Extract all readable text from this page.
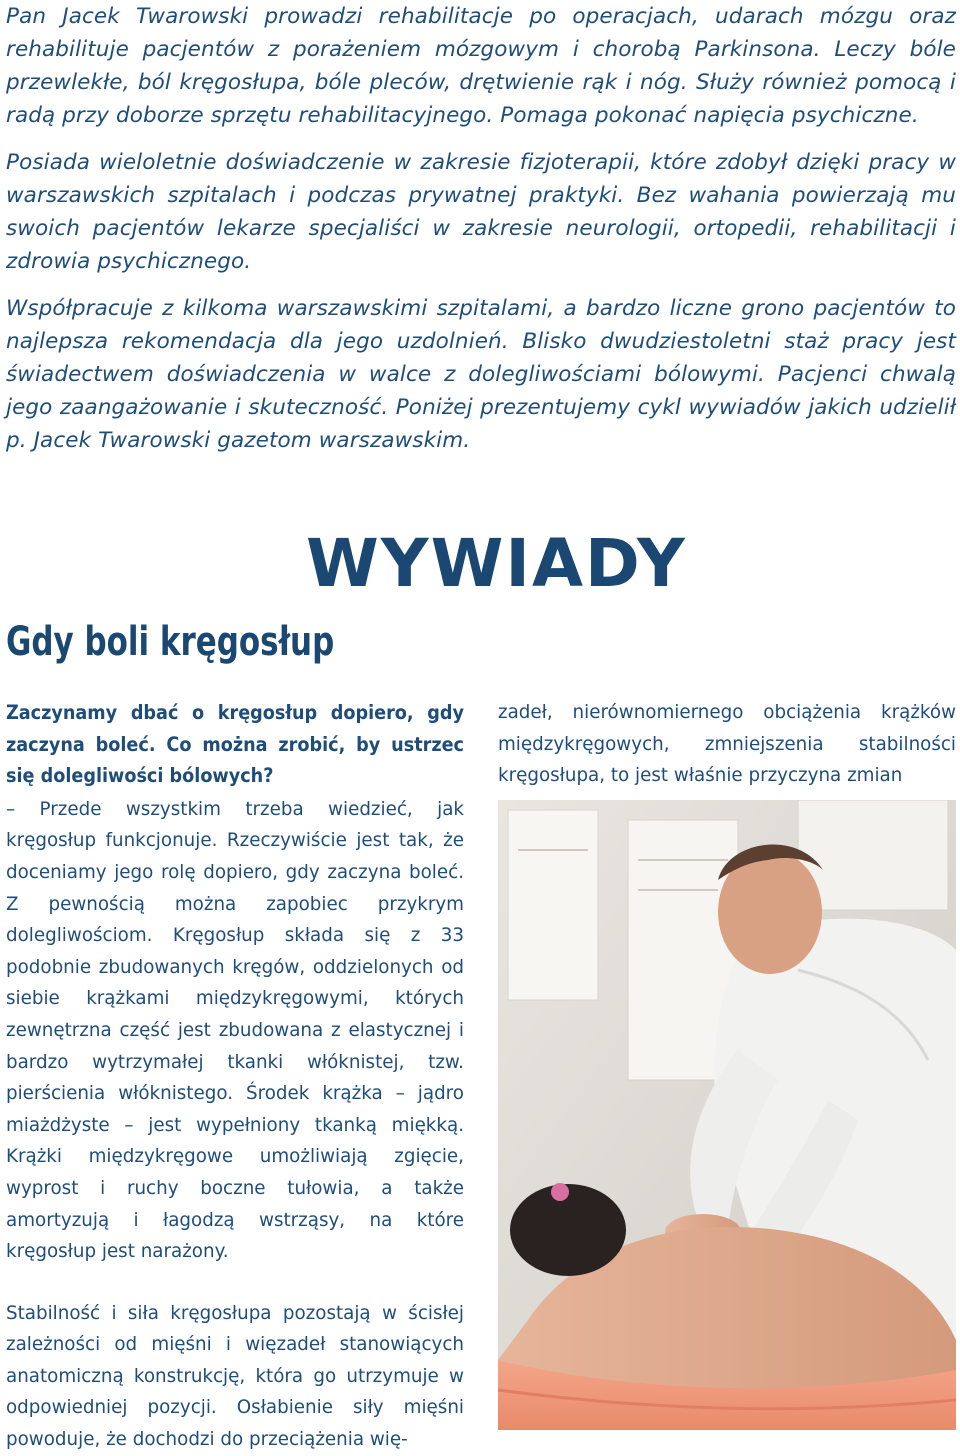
Pan Jacek Twarowski prowadzi rehabilitacje po operacjach, udarach mózgu oraz rehabilituje pacjentów z porażeniem mózgowym i chorobą Parkinsona. Leczy bóle przewlekłe, ból kręgosłupa, bóle pleców, drętwienie rąk i nóg. Służy również pomocą i radą przy doborze sprzętu rehabilitacyjnego. Pomaga pokonać napięcia psychiczne.

Posiada wieloletnie doświadczenie w zakresie fizjoterapii, które zdobył dzięki pracy w warszawskich szpitalach i podczas prywatnej praktyki. Bez wahania powierzają mu swoich pacjentów lekarze specjaliści w zakresie neurologii, ortopedii, rehabilitacji i zdrowia psychicznego.

Współpracuje z kilkoma warszawskimi szpitalami, a bardzo liczne grono pacjentów to najlepsza rekomendacja dla jego uzdolnień. Blisko dwudziestoletni staż pracy jest świadectwem doświadczenia w walce z dolegliwościami bólowymi. Pacjenci chwalą jego zaangażowanie i skuteczność. Poniżej prezentujemy cykl wywiadów jakich udzielił p. Jacek Twarowski gazetom warszawskim.

WYWIADY
Gdy boli kręgosłup

Zaczynamy dbać o kręgosłup dopiero, gdy zaczyna boleć. Co można zrobić, by ustrzec się dolegliwości bólowych?

– Przede wszystkim trzeba wiedzieć, jak kręgosłup funkcjonuje. Rzeczywiście jest tak, że doceniamy jego rolę dopiero, gdy zaczyna boleć. Z pewnością można zapobiec przykrym dolegliwościom. Kręgosłup składa się z 33 podobnie zbudowanych kręgów, oddzielonych od siebie krążkami międzykręgowymi, których zewnętrzna część jest zbudowana z elastycznej i bardzo wytrzymałej tkanki włóknistej, tzw. pierścienia włóknistego. Środek krążka – jądro miażdżyste – jest wypełniony tkanką miękką. Krążki międzykręgowe umożliwiają zgięcie, wyprost i ruchy boczne tułowia, a także amortyzują i łagodzą wstrząsy, na które kręgosłup jest narażony.

Stabilność i siła kręgosłupa pozostają w ścisłej zależności od mięśni i więzadeł stanowiących anatomiczną konstrukcję, która go utrzymuje w odpowiedniej pozycji. Osłabienie siły mięśni powoduje, że dochodzi do przeciążenia wię-

zadeł, nierównomiernego obciążenia krążków międzykręgowych, zmniejszenia stabilności kręgosłupa, to jest właśnie przyczyna zmian
